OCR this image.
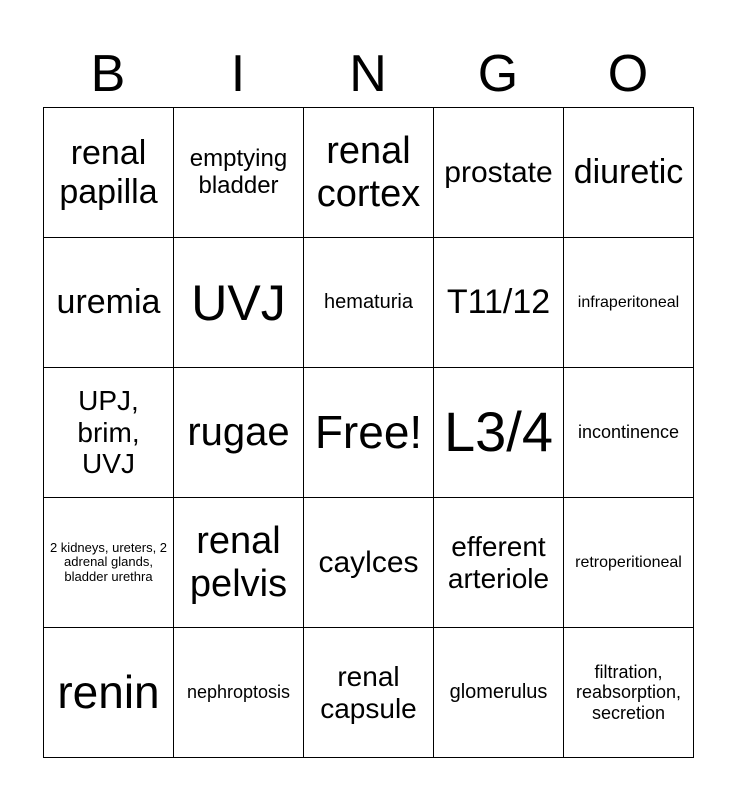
B	I	N	G	O
renal papilla	emptying bladder	renal cortex	prostate	diuretic
uremia	UVJ	hematuria	T11/12	infraperitoneal
UPJ, brim, UVJ	rugae	Free!	L3/4	incontinence
2 kidneys, ureters, 2 adrenal glands, bladder urethra	renal pelvis	caylces	efferent arteriole	retroperitioneal
renin	nephroptosis	renal capsule	glomerulus	filtration, reabsorption, secretion
